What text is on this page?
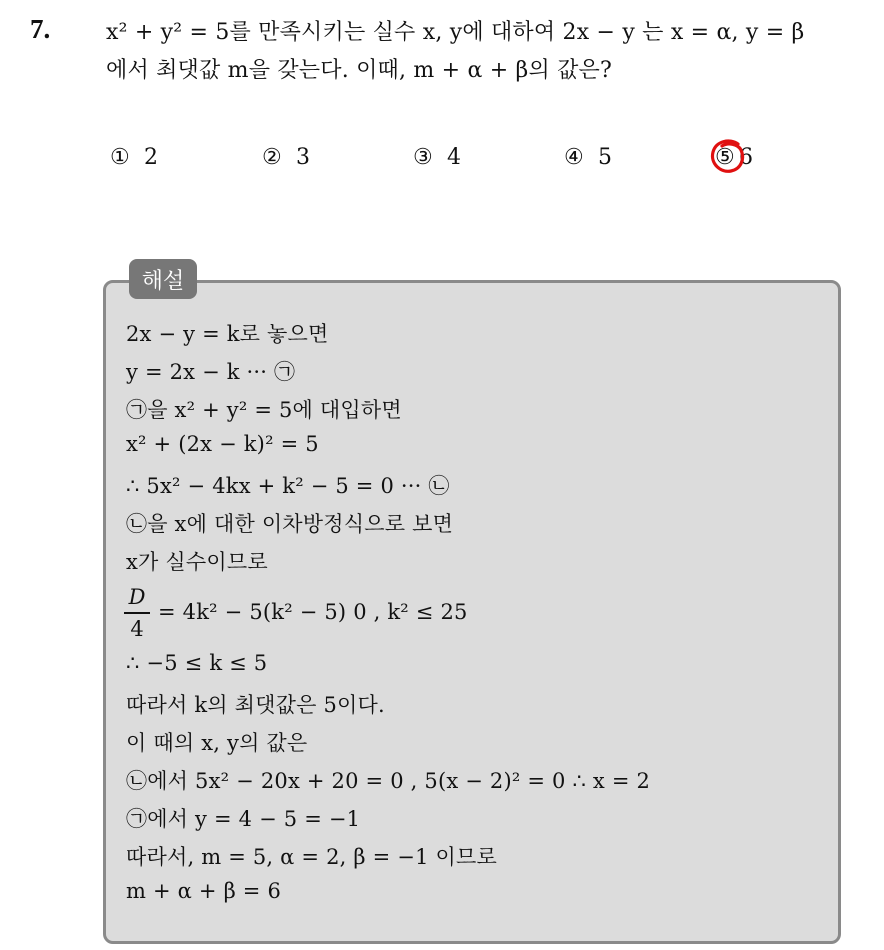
7.	x² + y² = 5를 만족시키는 실수 x, y에 대하여 2x − y 는 x = α, y = β
에서 최댓값 m을 갖는다. 이때, m + α + β의 값은?
① 2	② 3	③ 4	④ 5	⑤ 6
해설
2x − y = k로 놓으면
y = 2x − k ··· ㉠
㉠을 x² + y² = 5에 대입하면
x² + (2x − k)² = 5
∴ 5x² − 4kx + k² − 5 = 0 ··· ㉡
㉡을 x에 대한 이차방정식으로 보면
x가 실수이므로
D
4
= 4k² − 5(k² − 5) 0 , k² ≤ 25
∴ −5 ≤ k ≤ 5
따라서 k의 최댓값은 5이다.
이 때의 x, y의 값은
㉡에서 5x² − 20x + 20 = 0 , 5(x − 2)² = 0 ∴ x = 2
㉠에서 y = 4 − 5 = −1
따라서, m = 5, α = 2, β = −1 이므로
m + α + β = 6
